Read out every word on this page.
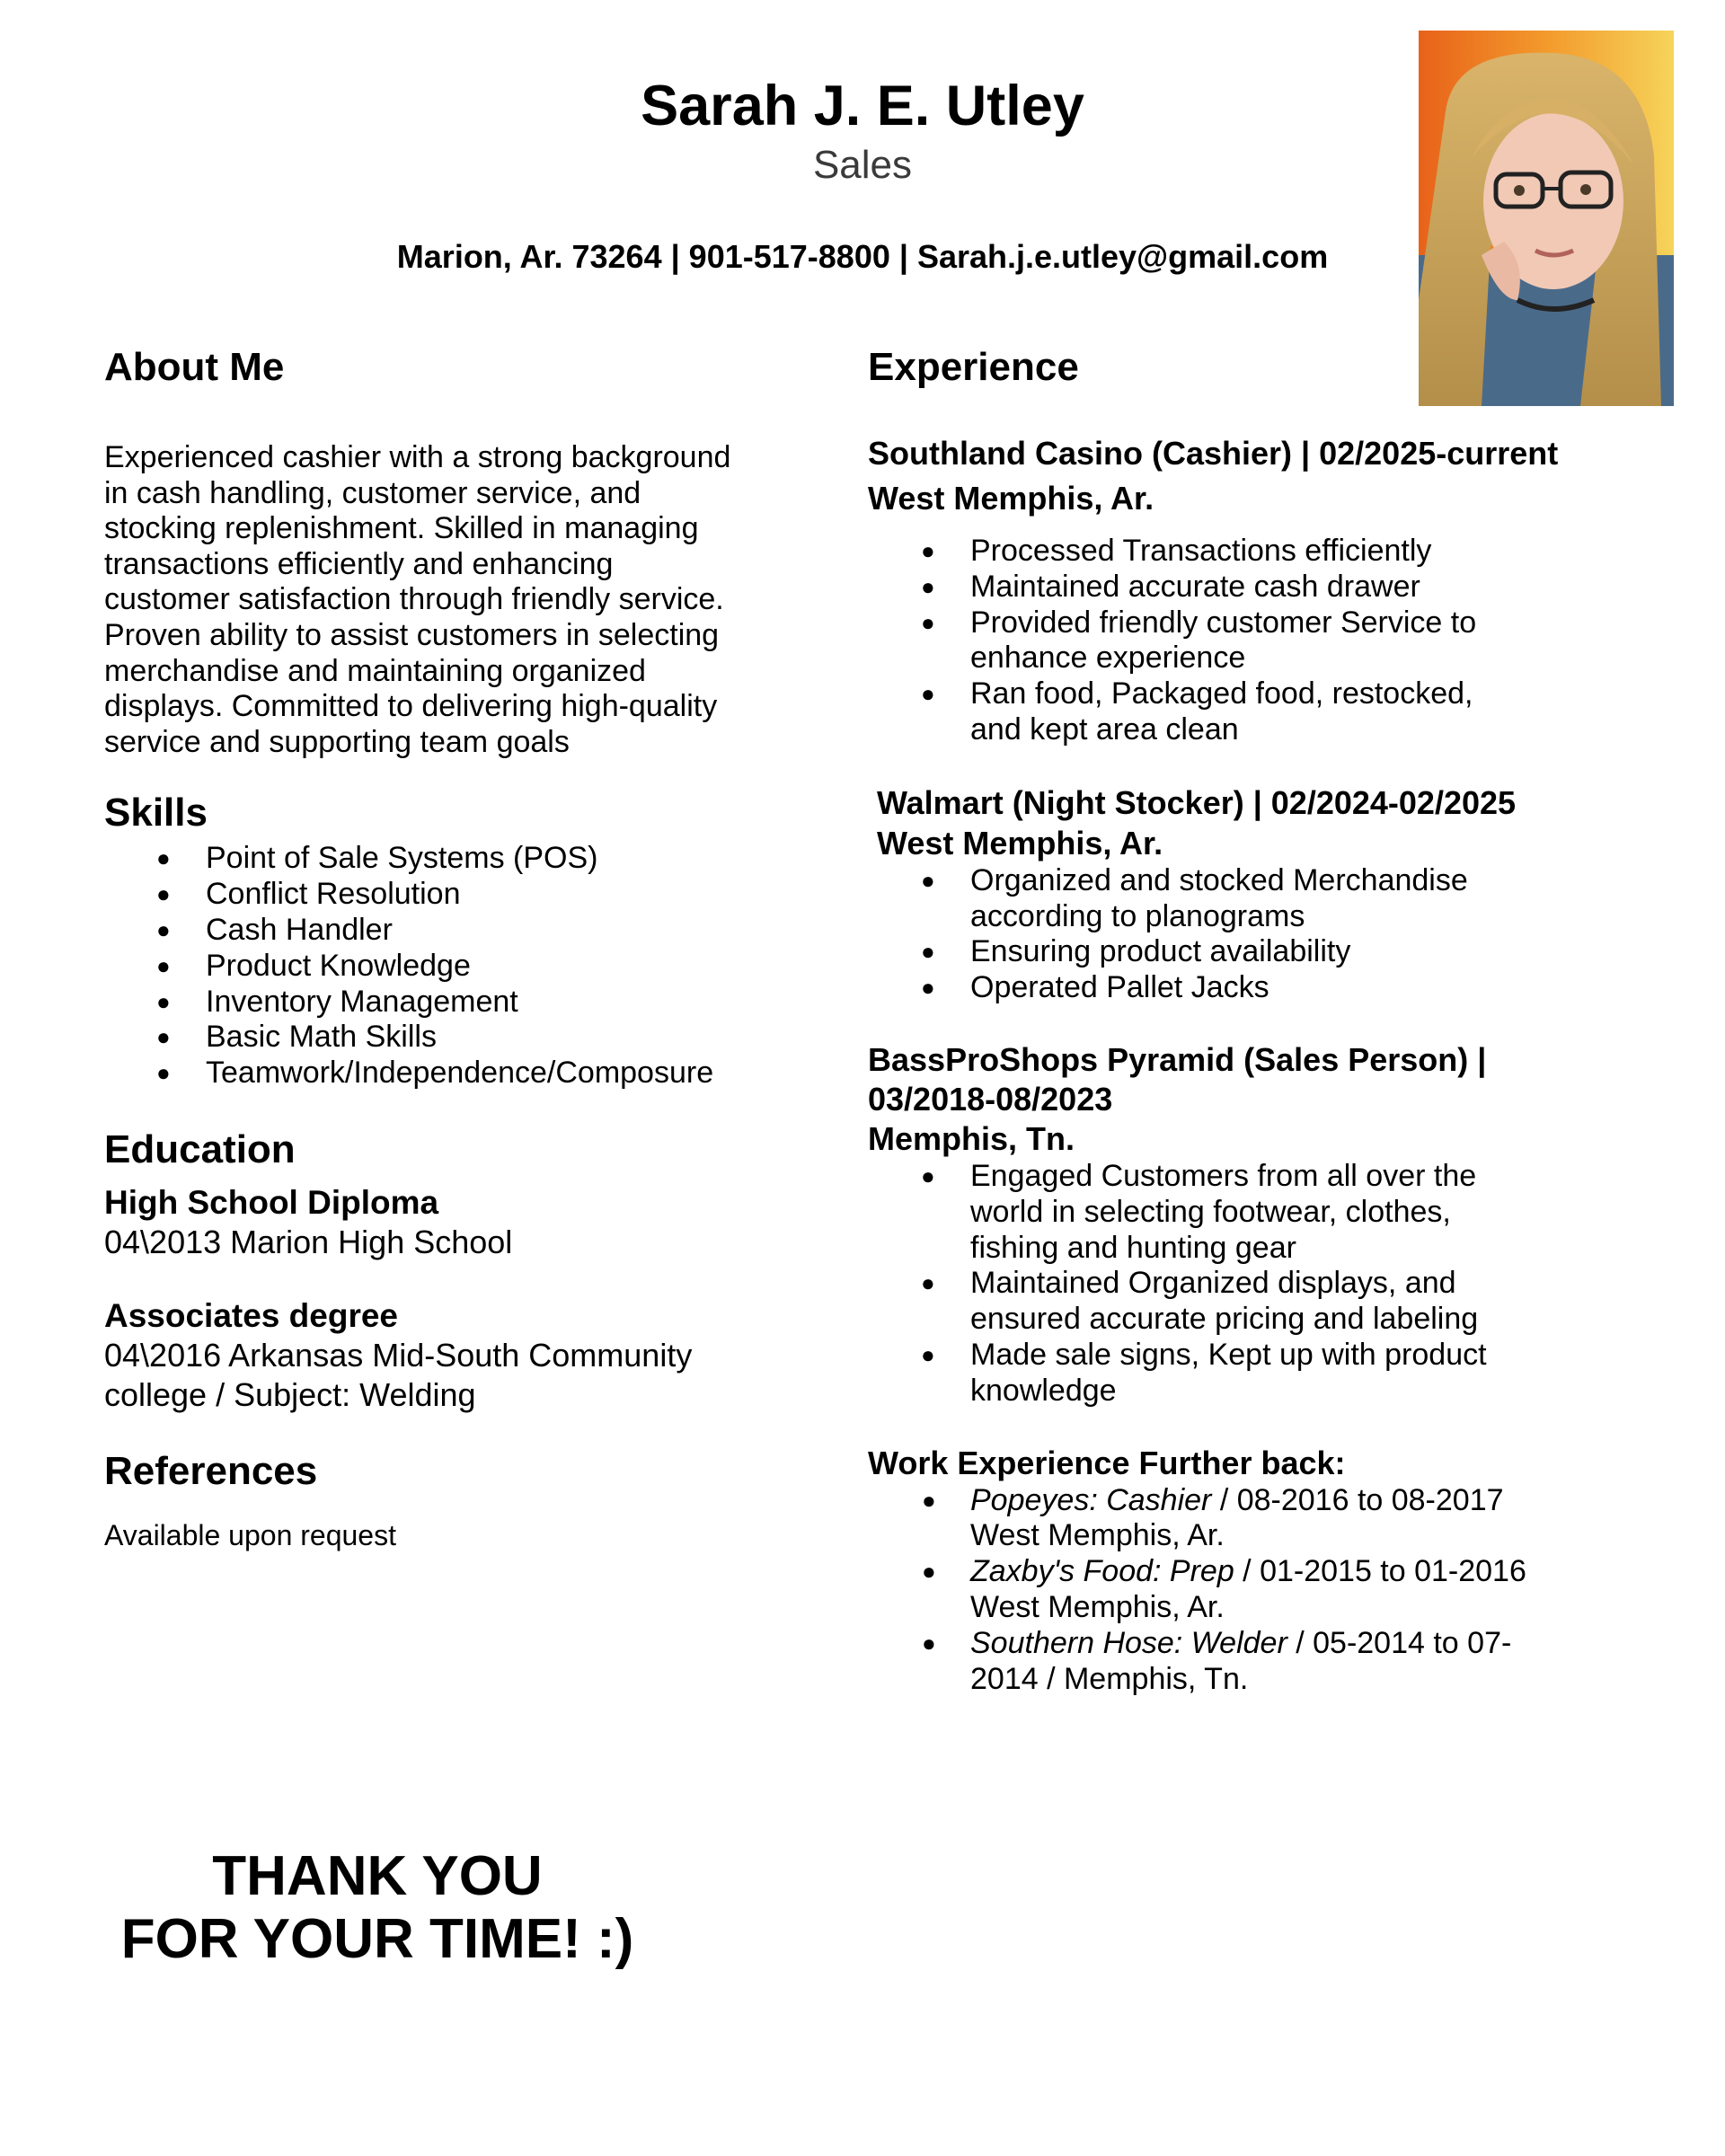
Sarah J. E. Utley
Sales
Marion, Ar. 73264 | 901-517-8800 | Sarah.j.e.utley@gmail.com
About Me

Experienced cashier with a strong background

in cash handling, customer service, and

stocking replenishment. Skilled in managing

transactions efficiently and enhancing

customer satisfaction through friendly service.

Proven ability to assist customers in selecting

merchandise and maintaining organized

displays. Committed to delivering high-quality

service and supporting team goals

Skills
● Point of Sale Systems (POS)
● Conflict Resolution
● Cash Handler
● Product Knowledge
● Inventory Management
● Basic Math Skills
● Teamwork/Independence/Composure
Education

High School Diploma

04\2013 Marion High School

Associates degree

04\2016 Arkansas Mid-South Community

college / Subject: Welding

References

Available upon request

THANK YOU
FOR YOUR TIME! :)
Experience

Southland Casino (Cashier) | 02/2025-current

West Memphis, Ar.

● Processed Transactions efficiently
● Maintained accurate cash drawer
● Provided friendly customer Service to
enhance experience
● Ran food, Packaged food, restocked,
and kept area clean

Walmart (Night Stocker) | 02/2024-02/2025

West Memphis, Ar.

● Organized and stocked Merchandise
according to planograms
● Ensuring product availability
● Operated Pallet Jacks

BassProShops Pyramid (Sales Person) |

03/2018-08/2023

Memphis, Tn.

● Engaged Customers from all over the
world in selecting footwear, clothes,
fishing and hunting gear
● Maintained Organized displays, and
ensured accurate pricing and labeling
● Made sale signs, Kept up with product
knowledge

Work Experience Further back:

● Popeyes: Cashier / 08-2016 to 08-2017
West Memphis, Ar.
● Zaxby's Food: Prep / 01-2015 to 01-2016
West Memphis, Ar.
● Southern Hose: Welder / 05-2014 to 07-
2014 / Memphis, Tn.
